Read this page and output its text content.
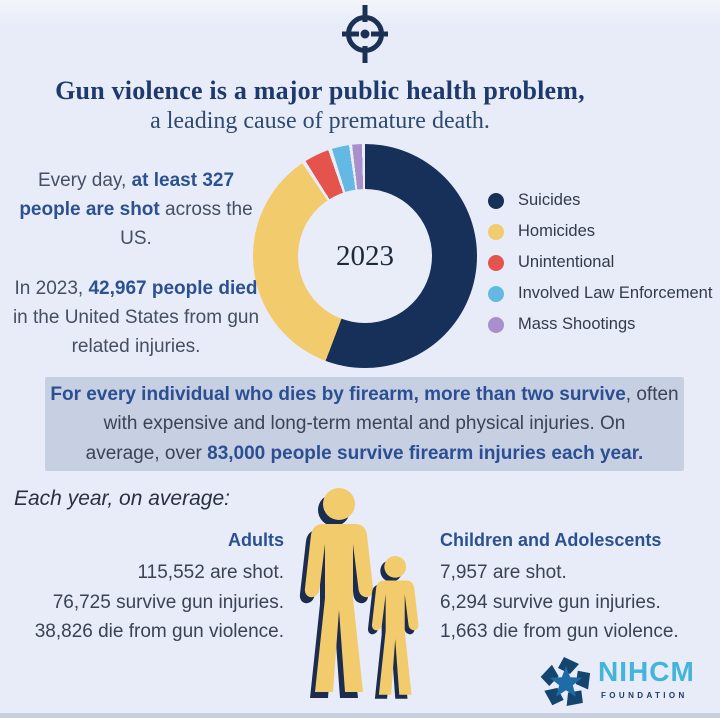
Gun violence is a major public health problem,
a leading cause of premature death.

Every day, at least 327 people are shot across the US.

In 2023, 42,967 people died in the United States from gun related injuries.

2023
Suicides
Homicides
Unintentional
Involved Law Enforcement
Mass Shootings
For every individual who dies by firearm, more than two survive, often
with expensive and long-term mental and physical injuries. On
average, over 83,000 people survive firearm injuries each year.
Each year, on average:
Adults
115,552 are shot.
76,725 survive gun injuries.
38,826 die from gun violence.
Children and Adolescents
7,957 are shot.
6,294 survive gun injuries.
1,663 die from gun violence.
NIHCM
FOUNDATION
